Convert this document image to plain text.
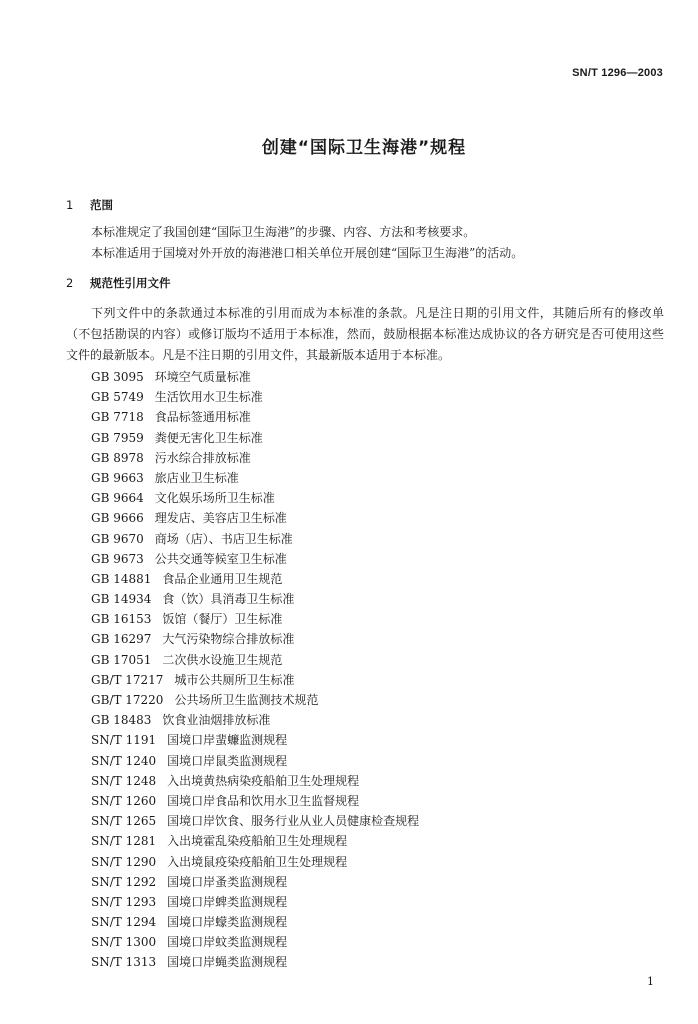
SN/T 1296—2003
创建“国际卫生海港”规程
1 范围

本标准规定了我国创建“国际卫生海港”的步骤、内容、方法和考核要求。

本标准适用于国境对外开放的海港港口相关单位开展创建“国际卫生海港”的活动。

2 规范性引用文件

下列文件中的条款通过本标准的引用而成为本标准的条款。凡是注日期的引用文件，其随后所有的修改单（不包括勘误的内容）或修订版均不适用于本标准，然而，鼓励根据本标准达成协议的各方研究是否可使用这些文件的最新版本。凡是不注日期的引用文件，其最新版本适用于本标准。

GB 3095 环境空气质量标准
GB 5749 生活饮用水卫生标准
GB 7718 食品标签通用标准
GB 7959 粪便无害化卫生标准
GB 8978 污水综合排放标准
GB 9663 旅店业卫生标准
GB 9664 文化娱乐场所卫生标准
GB 9666 理发店、美容店卫生标准
GB 9670 商场（店）、书店卫生标准
GB 9673 公共交通等候室卫生标准
GB 14881 食品企业通用卫生规范
GB 14934 食（饮）具消毒卫生标准
GB 16153 饭馆（餐厅）卫生标准
GB 16297 大气污染物综合排放标准
GB 17051 二次供水设施卫生规范
GB/T 17217 城市公共厕所卫生标准
GB/T 17220 公共场所卫生监测技术规范
GB 18483 饮食业油烟排放标准
SN/T 1191 国境口岸蜚蠊监测规程
SN/T 1240 国境口岸鼠类监测规程
SN/T 1248 入出境黄热病染疫船舶卫生处理规程
SN/T 1260 国境口岸食品和饮用水卫生监督规程
SN/T 1265 国境口岸饮食、服务行业从业人员健康检查规程
SN/T 1281 入出境霍乱染疫船舶卫生处理规程
SN/T 1290 入出境鼠疫染疫船舶卫生处理规程
SN/T 1292 国境口岸蚤类监测规程
SN/T 1293 国境口岸蜱类监测规程
SN/T 1294 国境口岸蠓类监测规程
SN/T 1300 国境口岸蚊类监测规程
SN/T 1313 国境口岸蝇类监测规程
1
